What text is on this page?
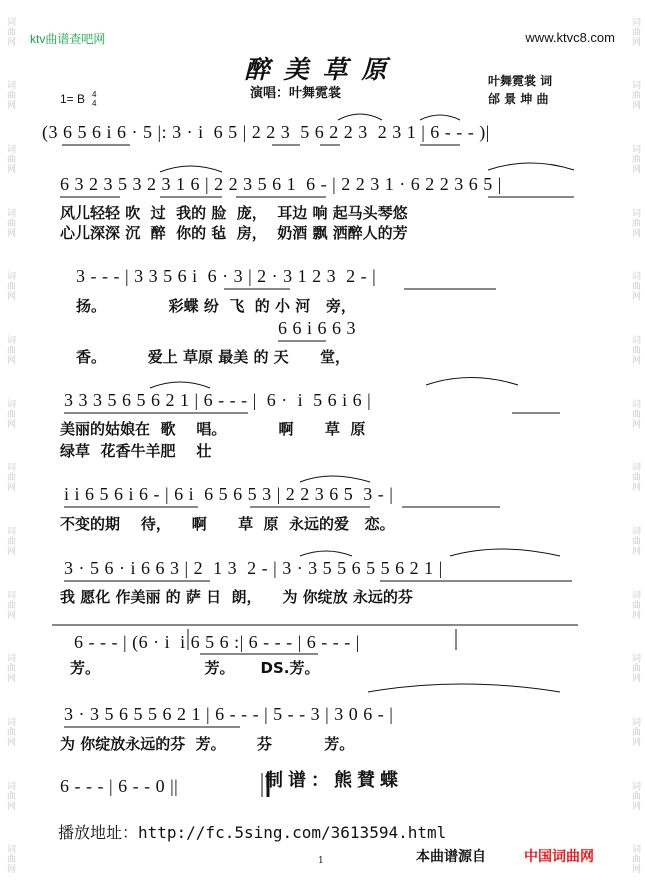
词曲网
词曲网
词曲网
词曲网
词曲网
词曲网
词曲网
词曲网
词曲网
词曲网
词曲网
词曲网
词曲网
词曲网
词曲网
词曲网
词曲网
词曲网
词曲网
词曲网
词曲网
词曲网
词曲网
词曲网
词曲网
词曲网
词曲网
词曲网
ktv曲谱查吧网	www.ktvc8.com
醉美草原
演唱：叶舞霓裳
叶舞霓裳 词
邰 景 坤 曲
1= B 4
4
(3 6 5 6 i 6 · 5 |: 3 · i  6 5 | 2 2 3  5 6 2 2 3  2 3 1 | 6 - - - )|
6 3 2 3 5 3 2 3 1 6 | 2 2 3 5 6 1  6 - | 2 2 3 1 · 6 2 2 3 6 5 |
风儿轻轻 吹  过  我的 脸  庞，  耳边 响 起马头琴悠
心儿深深 沉  醉  你的 毡  房，  奶酒 飘 洒醉人的芳
3 - - - | 3 3 5 6 i  6 · 3 | 2 · 3 1 2 3  2 - |
扬。            彩蝶 纷  飞  的 小 河   旁，
6 6 i 6 6 3
香。        爱上 草原 最美 的 天      堂，
3 3 3 5 6 5 6 2 1 | 6 - - - |  6 ·  i  5 6 i 6 |
美丽的姑娘在  歌    唱。          啊      草  原
绿草  花香牛羊肥    壮
i i 6 5 6 i 6 - | 6 i  6 5 6 5 3 | 2 2 3 6 5  3 - |
不变的期    待，    啊      草  原  永远的爱   恋。
3 · 5 6 · i 6 6 3 | 2  1 3  2 - | 3 · 3 5 5 6 5 5 6 2 1 |
我 愿化 作美丽 的 萨 日  朗，    为 你绽放 永远的芬
6 - - - | (6 · i  i 6 5 6 :| 6 - - - | 6 - - - |
芳。                    芳。     DS.芳。
3 · 3 5 6 5 5 6 2 1 | 6 - - - | 5 - - 3 | 3 0 6 - |
为 你绽放永远的芬  芳。      芬          芳。
6 - - - | 6 - - 0 ||	制谱：熊賛蝶
播放地址：http://fc.5sing.com/3613594.html
1	本曲谱源自	中国词曲网
